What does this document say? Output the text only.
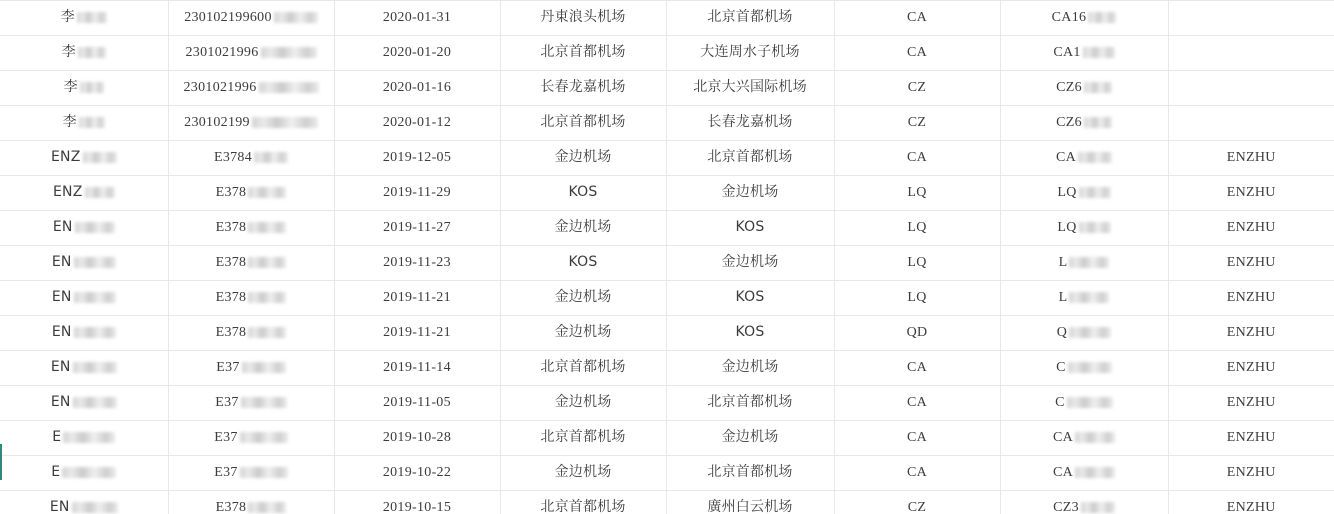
李	230102199600	2020-01-31	丹東浪头机场	北京首都机场	CA	CA16	

李	2301021996	2020-01-20	北京首都机场	大连周水子机场	CA	CA1	

李	2301021996	2020-01-16	长春龙嘉机场	北京大兴国际机场	CZ	CZ6	

李	230102199	2020-01-12	北京首都机场	长春龙嘉机场	CZ	CZ6	

ENZ	E3784	2019-12-05	金边机场	北京首都机场	CA	CA	ENZHU

ENZ	E378	2019-11-29	KOS	金边机场	LQ	LQ	ENZHU

EN	E378	2019-11-27	金边机场	KOS	LQ	LQ	ENZHU

EN	E378	2019-11-23	KOS	金边机场	LQ	L	ENZHU

EN	E378	2019-11-21	金边机场	KOS	LQ	L	ENZHU

EN	E378	2019-11-21	金边机场	KOS	QD	Q	ENZHU

EN	E37	2019-11-14	北京首都机场	金边机场	CA	C	ENZHU

EN	E37	2019-11-05	金边机场	北京首都机场	CA	C	ENZHU

E	E37	2019-10-28	北京首都机场	金边机场	CA	CA	ENZHU

E	E37	2019-10-22	金边机场	北京首都机场	CA	CA	ENZHU

EN	E378	2019-10-15	北京首都机场	廣州白云机场	CZ	CZ3	ENZHU
